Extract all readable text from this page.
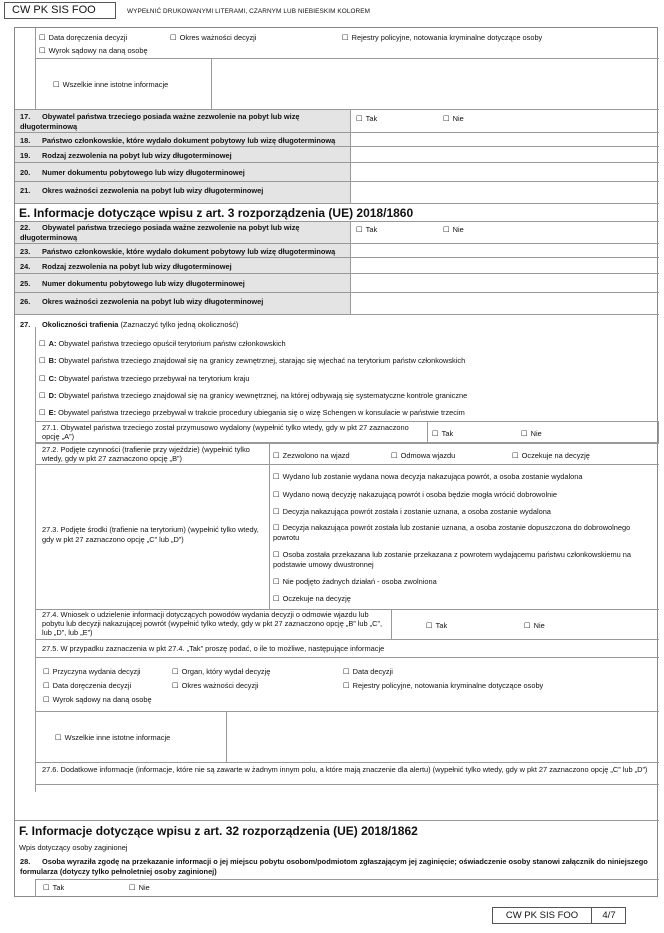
CW PK SIS FOO	WYPEŁNIĆ DRUKOWANYMI LITERAMI, CZARNYM LUB NIEBIESKIM KOLOREM
☐ Data doręczenia decyzji	☐ Okres ważności decyzji	☐ Rejestry policyjne, notowania kryminalne dotyczące osoby
☐ Wyrok sądowy na daną osobę
☐ Wszelkie inne istotne informacje
17. Obywatel państwa trzeciego posiada ważne zezwolenie na pobyt lub wizę długoterminową
☐ Tak	☐ Nie
18. Państwo członkowskie, które wydało dokument pobytowy lub wizę długoterminową
19. Rodzaj zezwolenia na pobyt lub wizy długoterminowej
20. Numer dokumentu pobytowego lub wizy długoterminowej
21. Okres ważności zezwolenia na pobyt lub wizy długoterminowej
E. Informacje dotyczące wpisu z art. 3 rozporządzenia (UE) 2018/1860
22. Obywatel państwa trzeciego posiada ważne zezwolenie na pobyt lub wizę długoterminową
☐ Tak	☐ Nie
23. Państwo członkowskie, które wydało dokument pobytowy lub wizę długoterminową
24. Rodzaj zezwolenia na pobyt lub wizy długoterminowej
25. Numer dokumentu pobytowego lub wizy długoterminowej
26. Okres ważności zezwolenia na pobyt lub wizy długoterminowej
27. Okoliczności trafienia (Zaznaczyć tylko jedną okoliczność)
☐ A: Obywatel państwa trzeciego opuścił terytorium państw członkowskich
☐ B: Obywatel państwa trzeciego znajdował się na granicy zewnętrznej, starając się wjechać na terytorium państw członkowskich
☐ C: Obywatel państwa trzeciego przebywał na terytorium kraju
☐ D: Obywatel państwa trzeciego znajdował się na granicy wewnętrznej, na której odbywają się systematyczne kontrole graniczne
☐ E: Obywatel państwa trzeciego przebywał w trakcie procedury ubiegania się o wizę Schengen w konsulacie w państwie trzecim
27.1. Obywatel państwa trzeciego został przymusowo wydalony (wypełnić tylko wtedy, gdy w pkt 27 zaznaczono opcję „A”)	☐ Tak	☐ Nie
27.2. Podjęte czynności (trafienie przy wjeździe) (wypełnić tylko wtedy, gdy w pkt 27 zaznaczono opcję „B”)	☐ Zezwolono na wjazd	☐ Odmowa wjazdu	☐ Oczekuje na decyzję
27.3. Podjęte środki (trafienie na terytorium) (wypełnić tylko wtedy, gdy w pkt 27 zaznaczono opcję „C” lub „D”)
☐ Wydano lub zostanie wydana nowa decyzja nakazująca powrót, a osoba zostanie wydalona
☐ Wydano nową decyzję nakazującą powrót i osoba będzie mogła wrócić dobrowolnie
☐ Decyzja nakazująca powrót została i zostanie uznana, a osoba zostanie wydalona
☐ Decyzja nakazująca powrót została lub zostanie uznana, a osoba zostanie dopuszczona do dobrowolnego powrotu
☐ Osoba została przekazana lub zostanie przekazana z powrotem wydającemu państwu członkowskiemu na podstawie umowy dwustronnej
☐ Nie podjęto żadnych działań - osoba zwolniona
☐ Oczekuje na decyzję
27.4. Wniosek o udzielenie informacji dotyczących powodów wydania decyzji o odmowie wjazdu lub pobytu lub decyzji nakazującej powrót (wypełnić tylko wtedy, gdy w pkt 27 zaznaczono opcję „B” lub „C”, lub „D”, lub „E”)
☐ Tak	☐ Nie
27.5. W przypadku zaznaczenia w pkt 27.4. „Tak” proszę podać, o ile to możliwe, następujące informacje
☐ Przyczyna wydania decyzji	☐ Organ, który wydał decyzję	☐ Data decyzji
☐ Data doręczenia decyzji	☐ Okres ważności decyzji	☐ Rejestry policyjne, notowania kryminalne dotyczące osoby
☐ Wyrok sądowy na daną osobę
☐ Wszelkie inne istotne informacje
27.6. Dodatkowe informacje (informacje, które nie są zawarte w żadnym innym polu, a które mają znaczenie dla alertu) (wypełnić tylko wtedy, gdy w pkt 27 zaznaczono opcję „C” lub „D”)
F. Informacje dotyczące wpisu z art. 32 rozporządzenia (UE) 2018/1862
Wpis dotyczący osoby zaginionej
28. Osoba wyraziła zgodę na przekazanie informacji o jej miejscu pobytu osobom/podmiotom zgłaszającym jej zaginięcie; oświadczenie osoby stanowi załącznik do niniejszego formularza (dotyczy tylko pełnoletniej osoby zaginionej)
☐ Tak	☐ Nie
CW PK SIS FOO	4/7
